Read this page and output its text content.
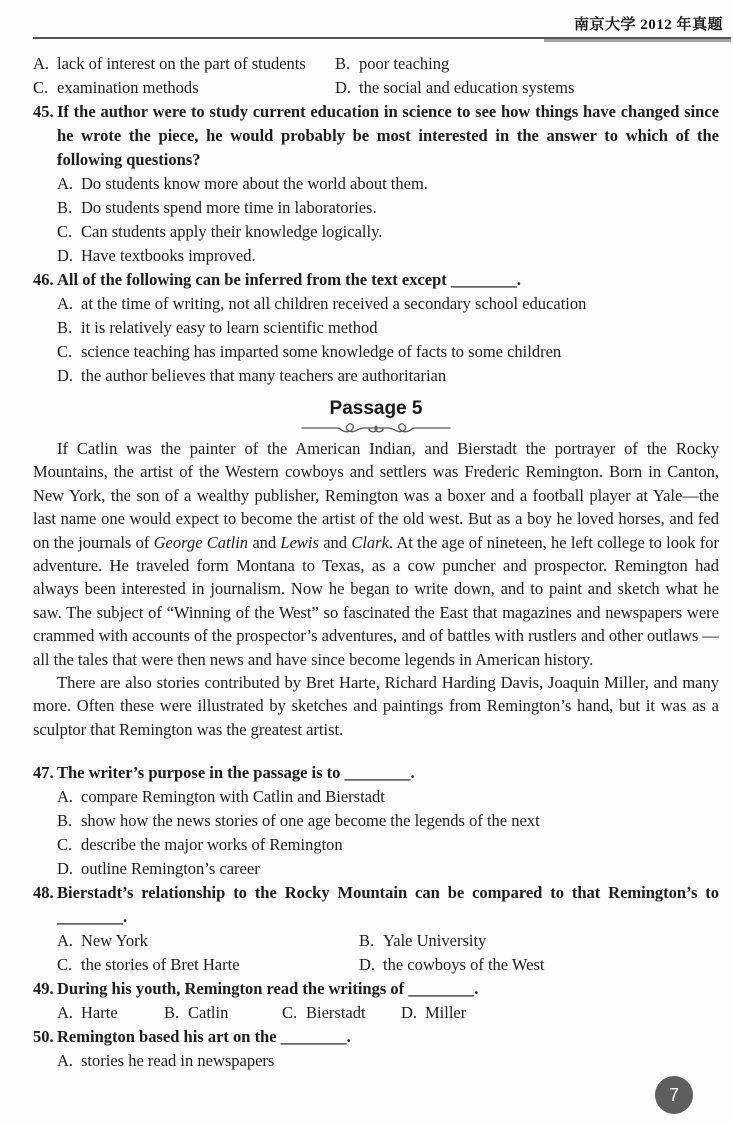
南京大学 2012 年真题
A. lack of interest on the part of students	B. poor teaching
C. examination methods	D. the social and education systems
45. If the author were to study current education in science to see how things have changed since he wrote the piece, he would probably be most interested in the answer to which of the following questions?
A. Do students know more about the world about them.
B. Do students spend more time in laboratories.
C. Can students apply their knowledge logically.
D. Have textbooks improved.
46. All of the following can be inferred from the text except ________.
A. at the time of writing, not all children received a secondary school education
B. it is relatively easy to learn scientific method
C. science teaching has imparted some knowledge of facts to some children
D. the author believes that many teachers are authoritarian
Passage 5

If Catlin was the painter of the American Indian, and Bierstadt the portrayer of the Rocky Mountains, the artist of the Western cowboys and settlers was Frederic Remington. Born in Canton, New York, the son of a wealthy publisher, Remington was a boxer and a football player at Yale—the last name one would expect to become the artist of the old west. But as a boy he loved horses, and fed on the journals of George Catlin and Lewis and Clark. At the age of nineteen, he left college to look for adventure. He traveled form Montana to Texas, as a cow puncher and prospector. Remington had always been interested in journalism. Now he began to write down, and to paint and sketch what he saw. The subject of “Winning of the West” so fascinated the East that magazines and newspapers were crammed with accounts of the prospector’s adventures, and of battles with rustlers and other outlaws — all the tales that were then news and have since become legends in American history.

There are also stories contributed by Bret Harte, Richard Harding Davis, Joaquin Miller, and many more. Often these were illustrated by sketches and paintings from Remington’s hand, but it was as a sculptor that Remington was the greatest artist.

47. The writer’s purpose in the passage is to ________.
A. compare Remington with Catlin and Bierstadt
B. show how the news stories of one age become the legends of the next
C. describe the major works of Remington
D. outline Remington’s career
48. Bierstadt’s relationship to the Rocky Mountain can be compared to that Remington’s to ________.
A. New York	B. Yale University
C. the stories of Bret Harte	D. the cowboys of the West
49. During his youth, Remington read the writings of ________.
A. Harte	B. Catlin	C. Bierstadt	D. Miller
50. Remington based his art on the ________.
A. stories he read in newspapers
7
